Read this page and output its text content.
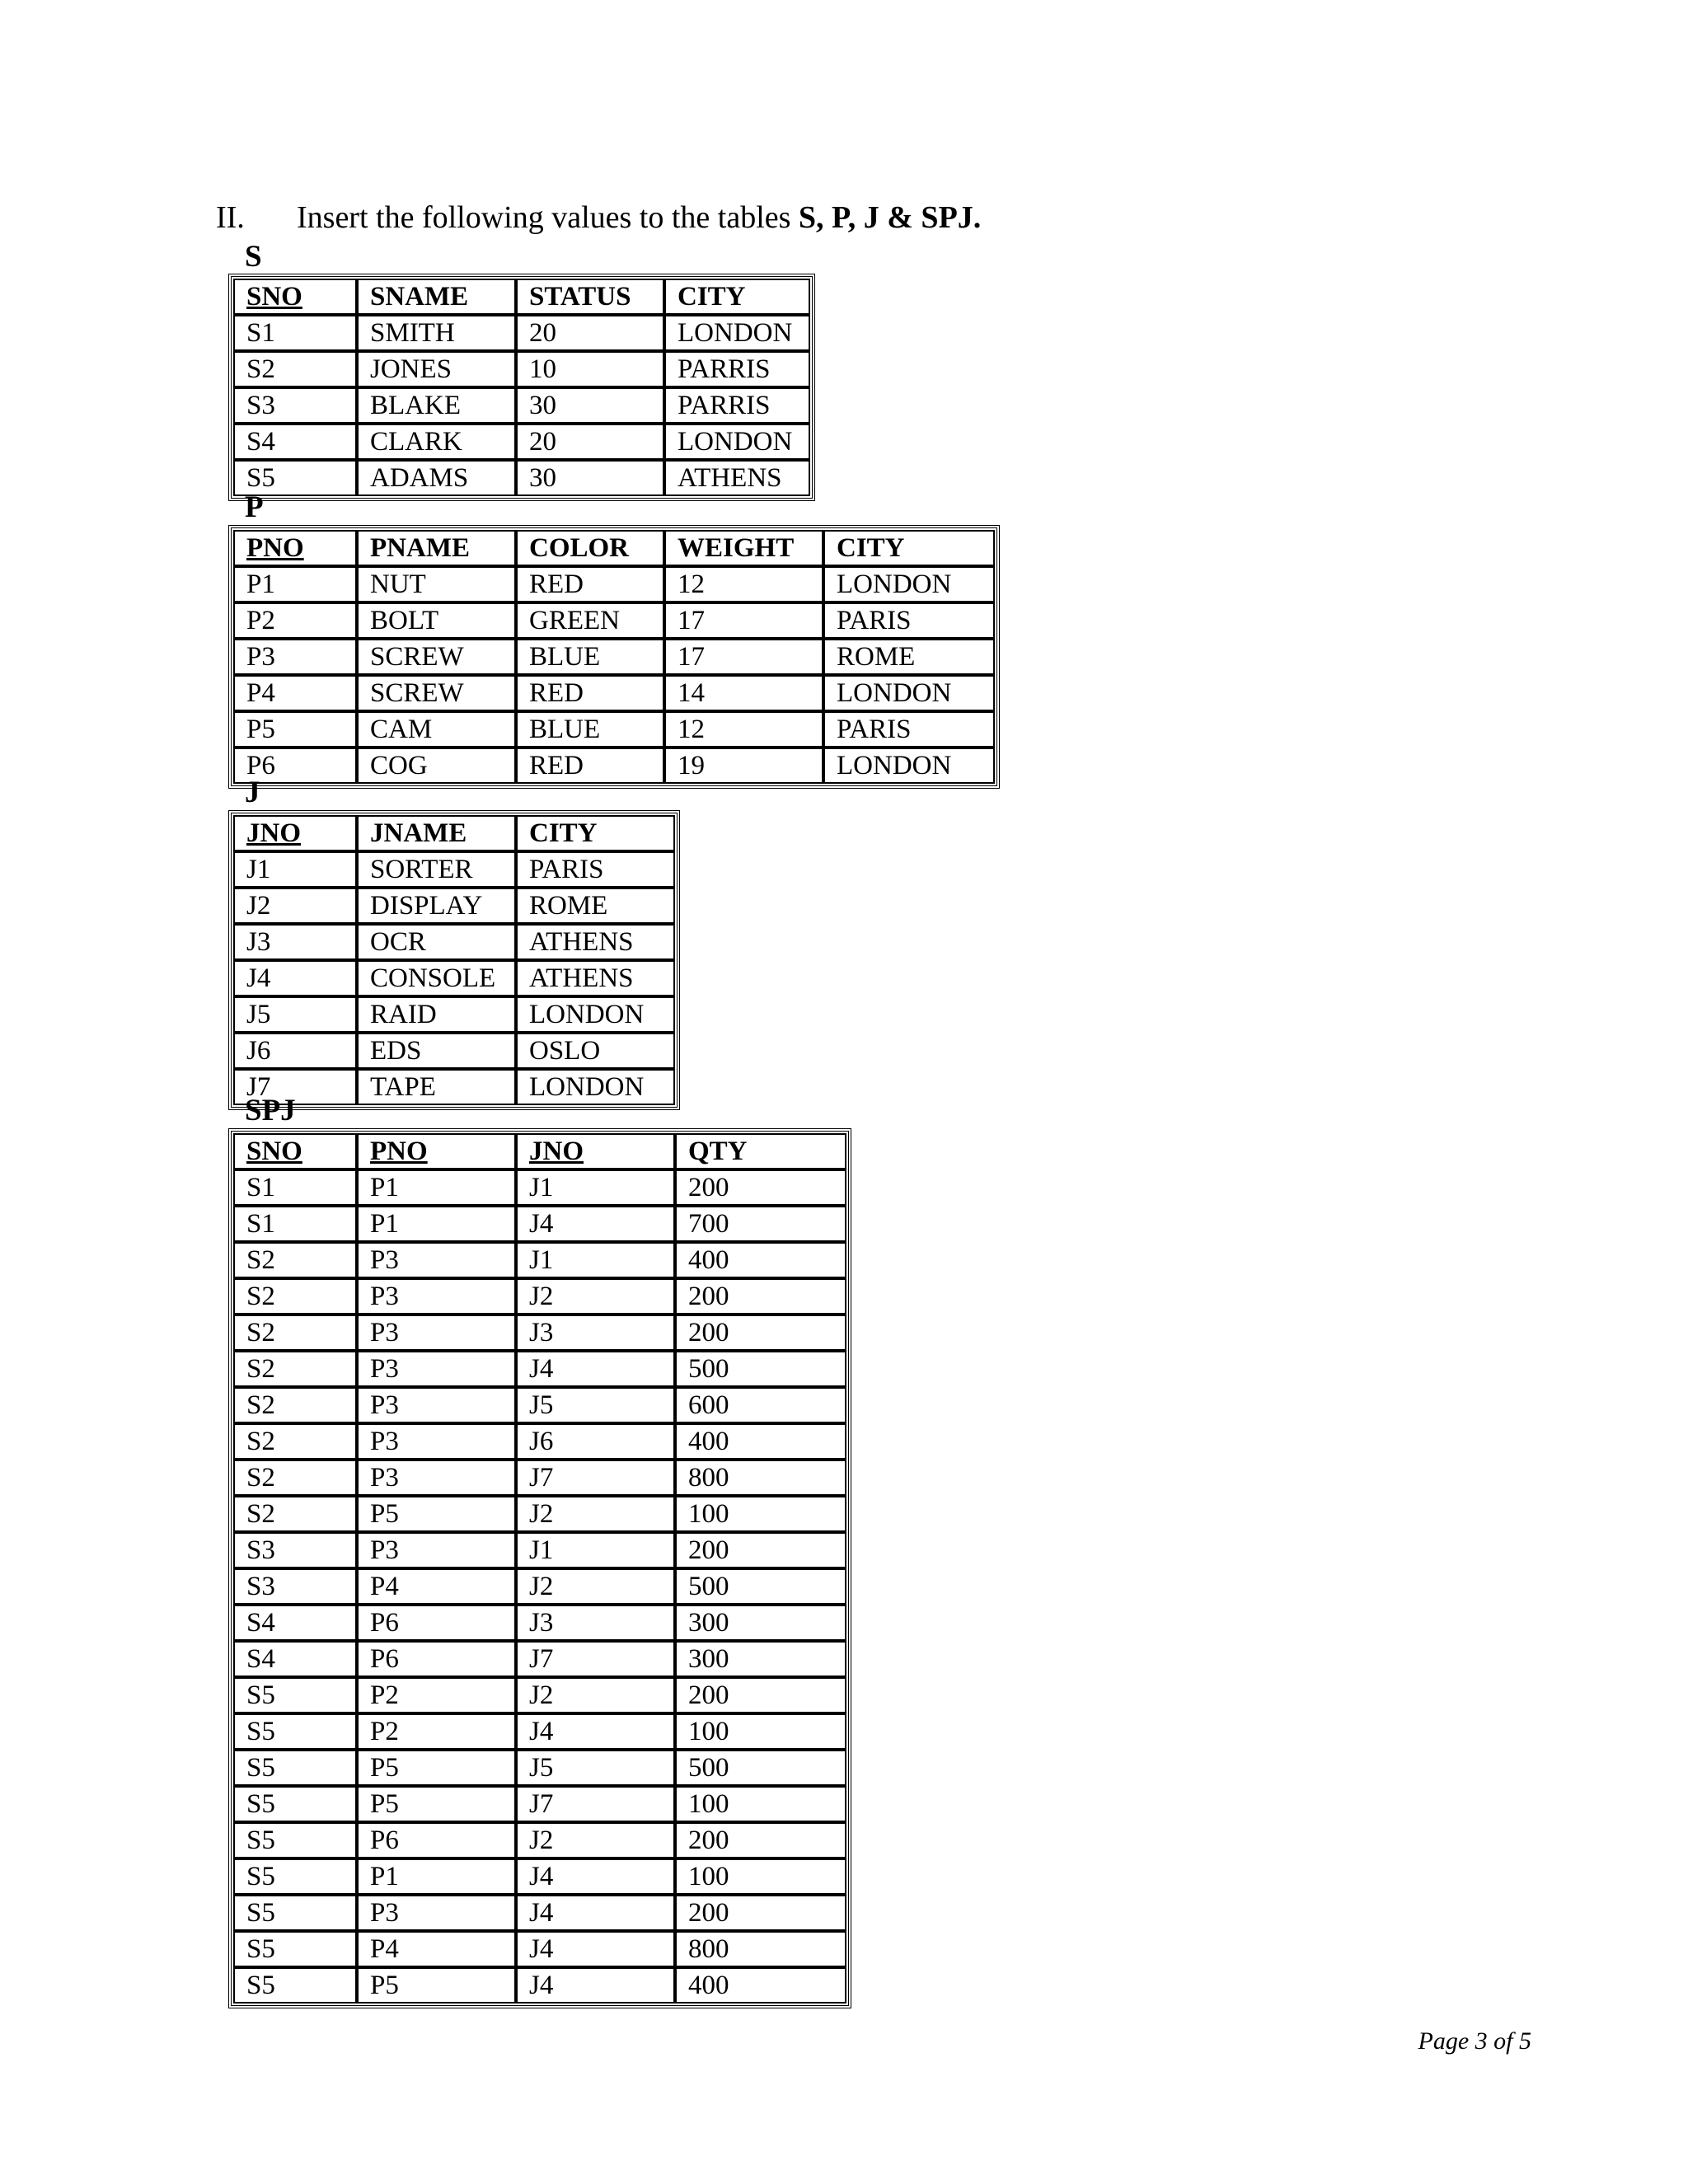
II. Insert the following values to the tables S, P, J & SPJ.
S
SNO	SNAME	STATUS	CITY
S1	SMITH	20	LONDON
S2	JONES	10	PARRIS
S3	BLAKE	30	PARRIS
S4	CLARK	20	LONDON
S5	ADAMS	30	ATHENS
P
PNO	PNAME	COLOR	WEIGHT	CITY
P1	NUT	RED	12	LONDON
P2	BOLT	GREEN	17	PARIS
P3	SCREW	BLUE	17	ROME
P4	SCREW	RED	14	LONDON
P5	CAM	BLUE	12	PARIS
P6	COG	RED	19	LONDON
J
JNO	JNAME	CITY
J1	SORTER	PARIS
J2	DISPLAY	ROME
J3	OCR	ATHENS
J4	CONSOLE	ATHENS
J5	RAID	LONDON
J6	EDS	OSLO
J7	TAPE	LONDON
SPJ
SNO	PNO	JNO	QTY
S1	P1	J1	200
S1	P1	J4	700
S2	P3	J1	400
S2	P3	J2	200
S2	P3	J3	200
S2	P3	J4	500
S2	P3	J5	600
S2	P3	J6	400
S2	P3	J7	800
S2	P5	J2	100
S3	P3	J1	200
S3	P4	J2	500
S4	P6	J3	300
S4	P6	J7	300
S5	P2	J2	200
S5	P2	J4	100
S5	P5	J5	500
S5	P5	J7	100
S5	P6	J2	200
S5	P1	J4	100
S5	P3	J4	200
S5	P4	J4	800
S5	P5	J4	400
Page 3 of 5
